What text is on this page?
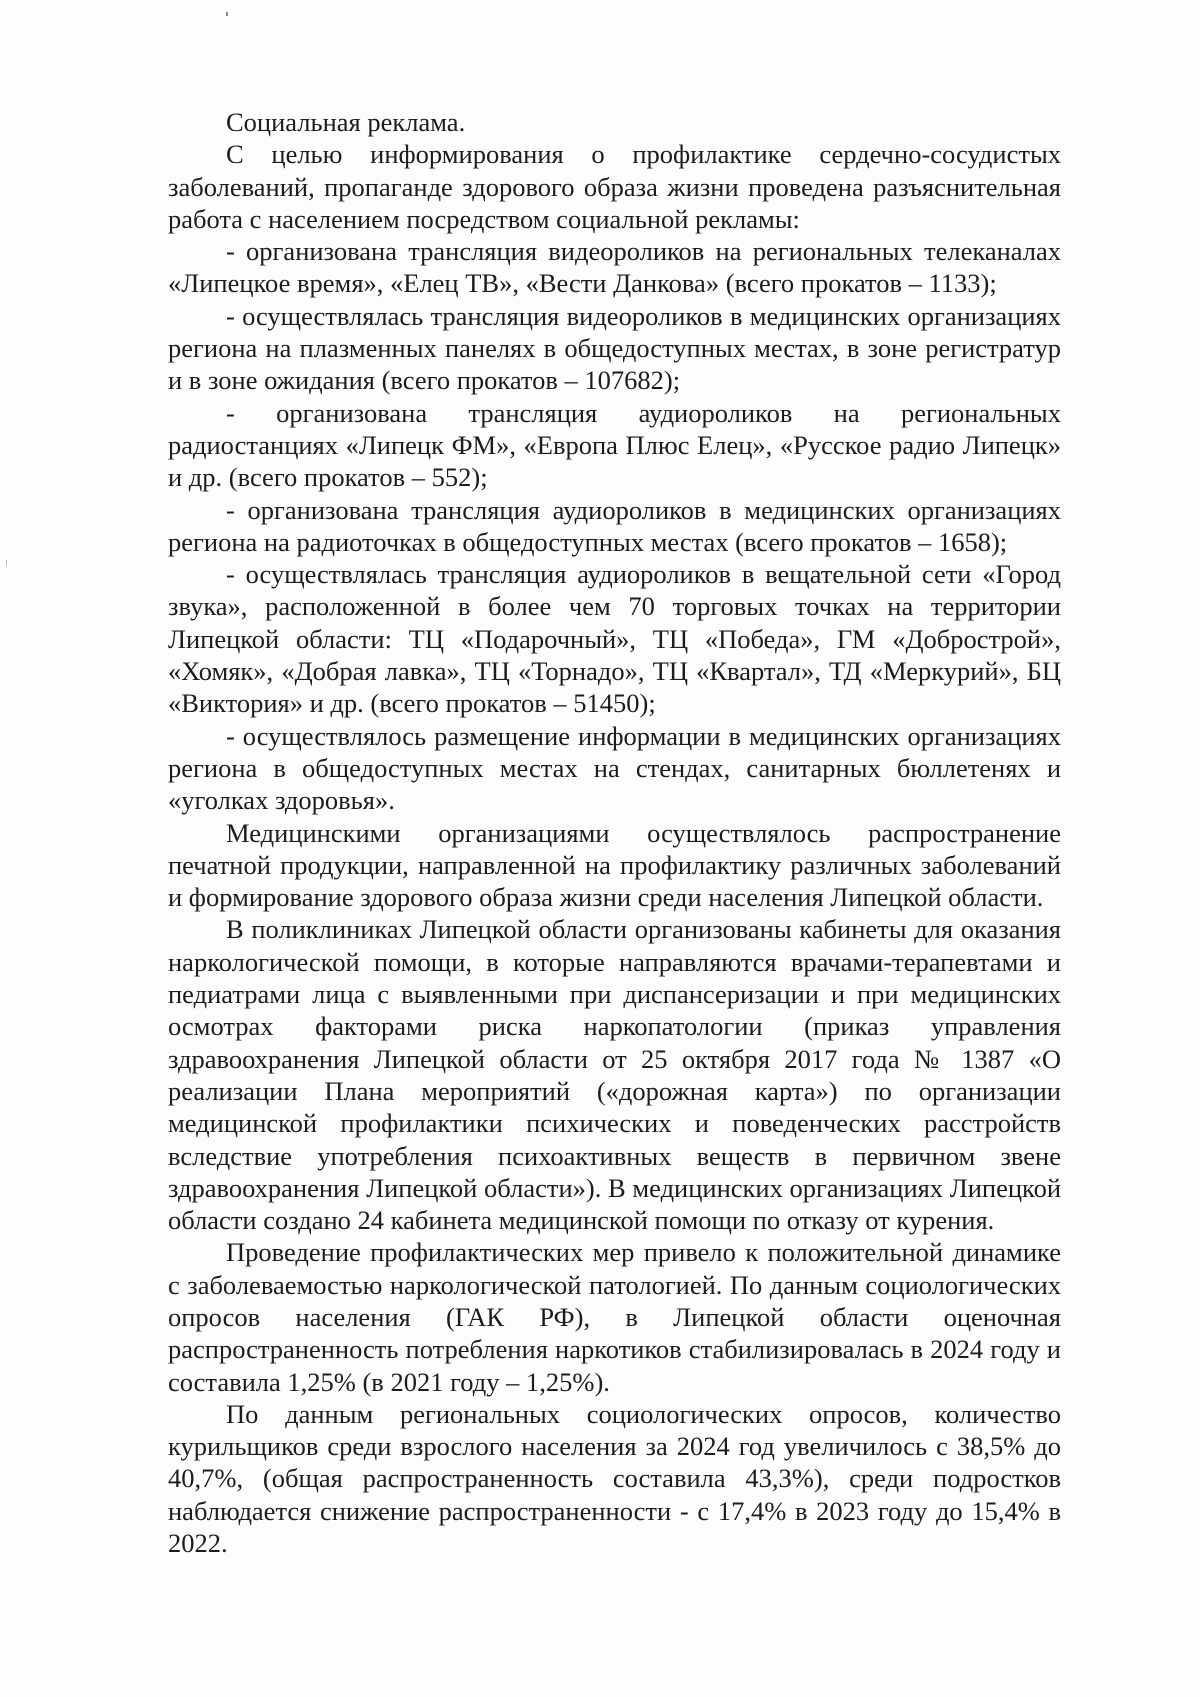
Социальная реклама.

С целью информирования о профилактике сердечно-сосудистых заболеваний, пропаганде здорового образа жизни проведена разъяснительная работа с населением посредством социальной рекламы:

- организована трансляция видеороликов на региональных телеканалах «Липецкое время», «Елец ТВ», «Вести Данкова» (всего прокатов – 1133);

- осуществлялась трансляция видеороликов в медицинских организациях региона на плазменных панелях в общедоступных местах, в зоне регистратур и в зоне ожидания (всего прокатов – 107682);

- организована трансляция аудиороликов на региональных радиостанциях «Липецк ФМ», «Европа Плюс Елец», «Русское радио Липецк» и др. (всего прокатов – 552);

- организована трансляция аудиороликов в медицинских организациях региона на радиоточках в общедоступных местах (всего прокатов – 1658);

- осуществлялась трансляция аудиороликов в вещательной сети «Город звука», расположенной в более чем 70 торговых точках на территории Липецкой области: ТЦ «Подарочный», ТЦ «Победа», ГМ «Доброcтрой», «Хомяк», «Добрая лавка», ТЦ «Торнадо», ТЦ «Квартал», ТД «Меркурий», БЦ «Виктория» и др. (всего прокатов – 51450);

- осуществлялось размещение информации в медицинских организациях региона в общедоступных местах на стендах, санитарных бюллетенях и «уголках здоровья».

Медицинскими организациями осуществлялось распространение печатной продукции, направленной на профилактику различных заболеваний и формирование здорового образа жизни среди населения Липецкой области.

В поликлиниках Липецкой области организованы кабинеты для оказания наркологической помощи, в которые направляются врачами-терапевтами и педиатрами лица с выявленными при диспансеризации и при медицинских осмотрах факторами риска наркопатологии (приказ управления здравоохранения Липецкой области от 25 октября 2017 года № 1387 «О реализации Плана мероприятий («дорожная карта») по организации медицинской профилактики психических и поведенческих расстройств вследствие употребления психоактивных веществ в первичном звене здравоохранения Липецкой области»). В медицинских организациях Липецкой области создано 24 кабинета медицинской помощи по отказу от курения.

Проведение профилактических мер привело к положительной динамике с заболеваемостью наркологической патологией. По данным социологических опросов населения (ГАК РФ), в Липецкой области оценочная распространенность потребления наркотиков стабилизировалась в 2024 году и составила 1,25% (в 2021 году – 1,25%).

По данным региональных социологических опросов, количество курильщиков среди взрослого населения за 2024 год увеличилось с 38,5% до 40,7%, (общая распространенность составила 43,3%), среди подростков наблюдается снижение распространенности - с 17,4% в 2023 году до 15,4% в 2022.
